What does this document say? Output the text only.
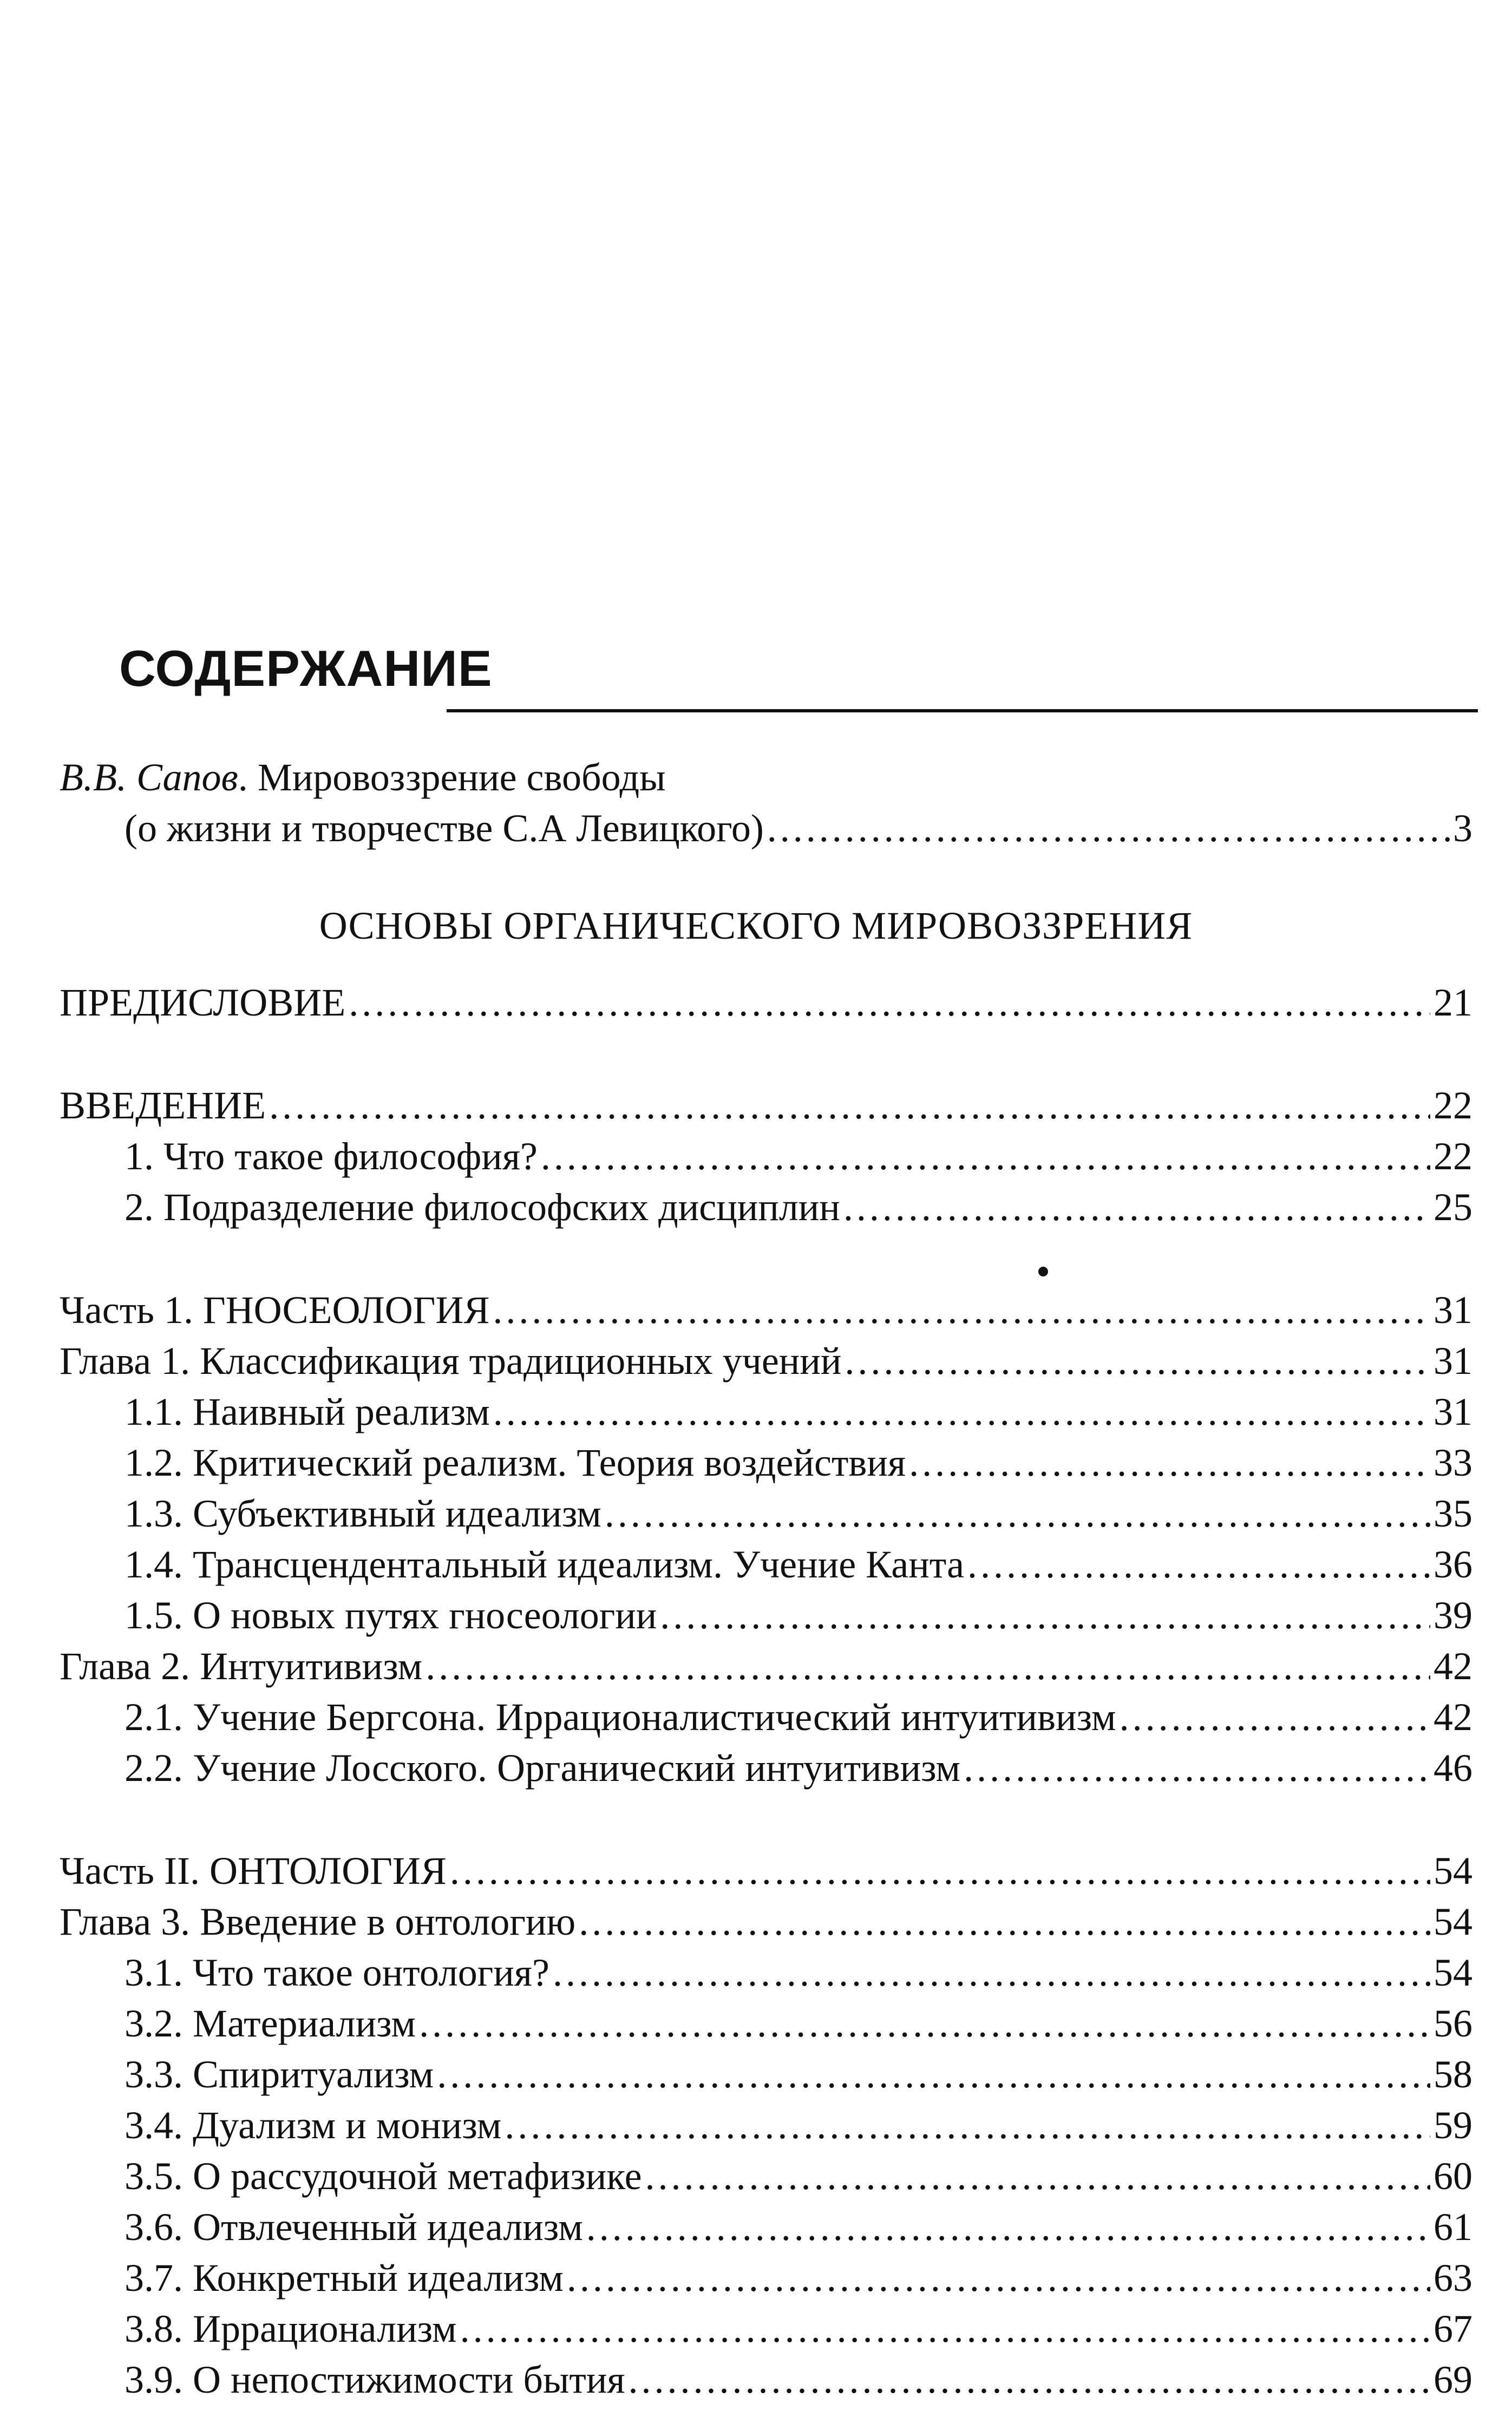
СОДЕРЖАНИЕ
В.В. Сапов. Мировоззрение свободы
(о жизни и творчестве С.А Левицкого) . . .	3
ОСНОВЫ ОРГАНИЧЕСКОГО МИРОВОЗЗРЕНИЯ
ПРЕДИСЛОВИЕ . . .	21
ВВЕДЕНИЕ . . .	22
1. Что такое философия? . . .	22
2. Подразделение философских дисциплин . . .	25
Часть 1. ГНОСЕОЛОГИЯ . . .	31
Глава 1. Классификация традиционных учений . . .	31
1.1. Наивный реализм . . .	31
1.2. Критический реализм. Теория воздействия . . .	33
1.3. Субъективный идеализм . . .	35
1.4. Трансцендентальный идеализм. Учение Канта . . .	36
1.5. О новых путях гносеологии . . .	39
Глава 2. Интуитивизм . . .	42
2.1. Учение Бергсона. Иррационалистический интуитивизм . . .	42
2.2. Учение Лосского. Органический интуитивизм . . .	46
Часть II. ОНТОЛОГИЯ . . .	54
Глава 3. Введение в онтологию . . .	54
3.1. Что такое онтология? . . .	54
3.2. Материализм . . .	56
3.3. Спиритуализм . . .	58
3.4. Дуализм и монизм . . .	59
3.5. О рассудочной метафизике . . .	60
3.6. Отвлеченный идеализм . . .	61
3.7. Конкретный идеализм . . .	63
3.8. Иррационализм . . .	67
3.9. О непостижимости бытия . . .	69
